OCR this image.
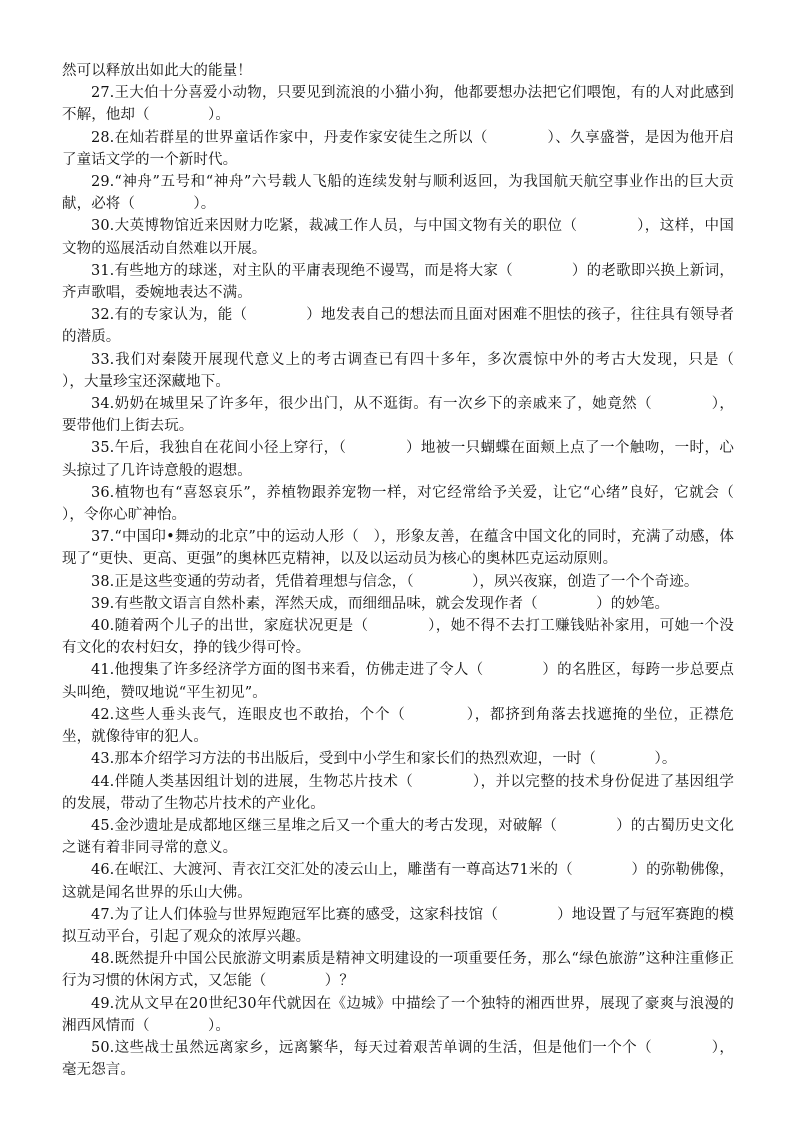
然可以释放出如此大的能量！

27.王大伯十分喜爱小动物，只要见到流浪的小猫小狗，他都要想办法把它们喂饱，有的人对此感到不解，他却（　　　　）。

28.在灿若群星的世界童话作家中，丹麦作家安徒生之所以（　　　　）、久享盛誉，是因为他开启了童话文学的一个新时代。

29.“神舟”五号和“神舟”六号载人飞船的连续发射与顺利返回，为我国航天航空事业作出的巨大贡献，必将（　　　　）。

30.大英博物馆近来因财力吃紧，裁减工作人员，与中国文物有关的职位（　　　　），这样，中国文物的巡展活动自然难以开展。

31.有些地方的球迷，对主队的平庸表现绝不谩骂，而是将大家（　　　　）的老歌即兴换上新词，齐声歌唱，委婉地表达不满。

32.有的专家认为，能（　　　　）地发表自己的想法而且面对困难不胆怯的孩子，往往具有领导者的潜质。

33.我们对秦陵开展现代意义上的考古调查已有四十多年，多次震惊中外的考古大发现，只是（　　　　），大量珍宝还深藏地下。

34.奶奶在城里呆了许多年，很少出门，从不逛街。有一次乡下的亲戚来了，她竟然（　　　　），要带他们上街去玩。

35.午后，我独自在花间小径上穿行，（　　　　）地被一只蝴蝶在面颊上点了一个触吻，一时，心头掠过了几许诗意般的遐想。

36.植物也有“喜怒哀乐”，养植物跟养宠物一样，对它经常给予关爱，让它“心绪”良好，它就会（　　　　），令你心旷神怡。

37.“中国印•舞动的北京”中的运动人形（　），形象友善，在蕴含中国文化的同时，充满了动感，体现了“更快、更高、更强”的奥林匹克精神，以及以运动员为核心的奥林匹克运动原则。

38.正是这些变通的劳动者，凭借着理想与信念，（　　　　），夙兴夜寐，创造了一个个奇迹。

39.有些散文语言自然朴素，浑然天成，而细细品味，就会发现作者（　　　　）的妙笔。

40.随着两个儿子的出世，家庭状况更是（　　　　），她不得不去打工赚钱贴补家用，可她一个没有文化的农村妇女，挣的钱少得可怜。

41.他搜集了许多经济学方面的图书来看，仿佛走进了令人（　　　　）的名胜区，每跨一步总要点头叫绝，赞叹地说“平生初见”。

42.这些人垂头丧气，连眼皮也不敢抬，个个（　　　　），都挤到角落去找遮掩的坐位，正襟危坐，就像待审的犯人。

43.那本介绍学习方法的书出版后，受到中小学生和家长们的热烈欢迎，一时（　　　　）。

44.伴随人类基因组计划的进展，生物芯片技术（　　　　），并以完整的技术身份促进了基因组学的发展，带动了生物芯片技术的产业化。

45.金沙遗址是成都地区继三星堆之后又一个重大的考古发现，对破解（　　　　）的古蜀历史文化之谜有着非同寻常的意义。

46.在岷江、大渡河、青衣江交汇处的凌云山上，雕凿有一尊高达71米的（　　　　）的弥勒佛像，这就是闻名世界的乐山大佛。

47.为了让人们体验与世界短跑冠军比赛的感受，这家科技馆（　　　　）地设置了与冠军赛跑的模拟互动平台，引起了观众的浓厚兴趣。

48.既然提升中国公民旅游文明素质是精神文明建设的一项重要任务，那么“绿色旅游”这种注重修正行为习惯的休闲方式，又怎能（　　　　）？

49.沈从文早在20世纪30年代就因在《边城》中描绘了一个独特的湘西世界，展现了豪爽与浪漫的湘西风情而（　　　　）。

50.这些战士虽然远离家乡，远离繁华，每天过着艰苦单调的生活，但是他们一个个（　　　　），毫无怨言。
